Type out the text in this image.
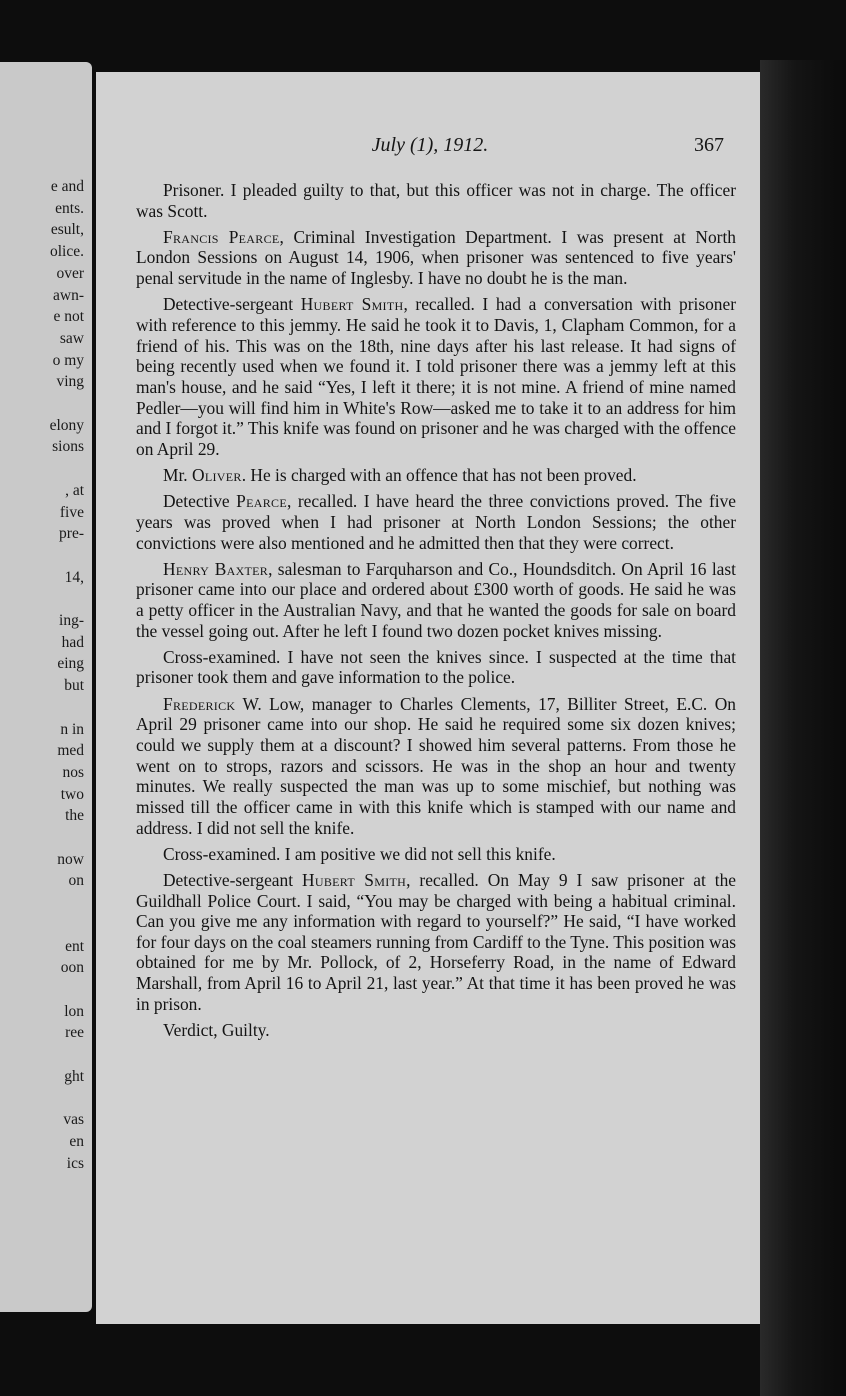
e and
ents.
esult,
olice.
over
awn-
e not
saw
o my
ving
elony
sions
, at
five
pre-
14,
ing-
had
eing
but
n in
med
nos
two
the
now
on
ent
oon
lon
ree
ght
vas
en
ics
July (1), 1912.	367

Prisoner. I pleaded guilty to that, but this officer was not in charge. The officer was Scott.

Francis Pearce, Criminal Investigation Department. I was present at North London Sessions on August 14, 1906, when prisoner was sentenced to five years' penal servitude in the name of Inglesby. I have no doubt he is the man.

Detective-sergeant Hubert Smith, recalled. I had a conversation with prisoner with reference to this jemmy. He said he took it to Davis, 1, Clapham Common, for a friend of his. This was on the 18th, nine days after his last release. It had signs of being recently used when we found it. I told prisoner there was a jemmy left at this man's house, and he said “Yes, I left it there; it is not mine. A friend of mine named Pedler—you will find him in White's Row—asked me to take it to an address for him and I forgot it.” This knife was found on prisoner and he was charged with the offence on April 29.

Mr. Oliver. He is charged with an offence that has not been proved.

Detective Pearce, recalled. I have heard the three convictions proved. The five years was proved when I had prisoner at North London Sessions; the other convictions were also mentioned and he admitted then that they were correct.

Henry Baxter, salesman to Farquharson and Co., Houndsditch. On April 16 last prisoner came into our place and ordered about £300 worth of goods. He said he was a petty officer in the Australian Navy, and that he wanted the goods for sale on board the vessel going out. After he left I found two dozen pocket knives missing.

Cross-examined. I have not seen the knives since. I suspected at the time that prisoner took them and gave information to the police.

Frederick W. Low, manager to Charles Clements, 17, Billiter Street, E.C. On April 29 prisoner came into our shop. He said he required some six dozen knives; could we supply them at a discount? I showed him several patterns. From those he went on to strops, razors and scissors. He was in the shop an hour and twenty minutes. We really suspected the man was up to some mischief, but nothing was missed till the officer came in with this knife which is stamped with our name and address. I did not sell the knife.

Cross-examined. I am positive we did not sell this knife.

Detective-sergeant Hubert Smith, recalled. On May 9 I saw prisoner at the Guildhall Police Court. I said, “You may be charged with being a habitual criminal. Can you give me any information with regard to yourself?” He said, “I have worked for four days on the coal steamers running from Cardiff to the Tyne. This position was obtained for me by Mr. Pollock, of 2, Horseferry Road, in the name of Edward Marshall, from April 16 to April 21, last year.” At that time it has been proved he was in prison.

Verdict, Guilty.
